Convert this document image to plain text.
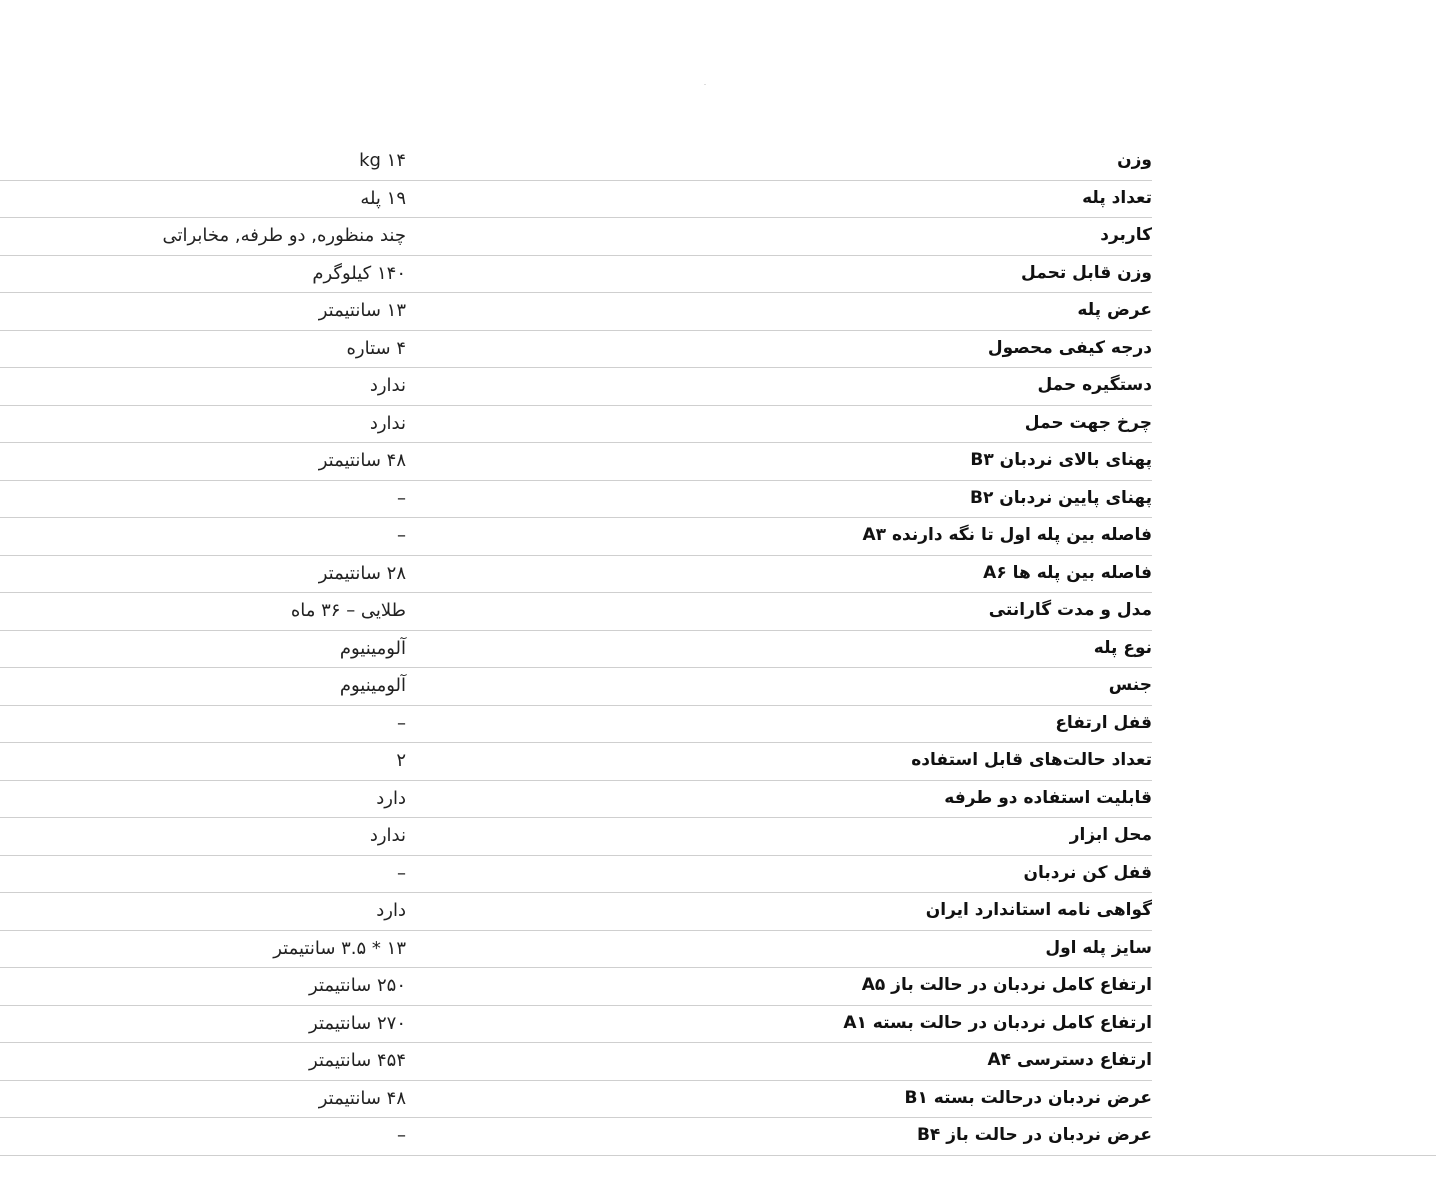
وزن
kg ۱۴
تعداد پله
۱۹ پله
کاربرد
چند منظوره, دو طرفه, مخابراتی
وزن قابل تحمل
۱۴۰ کیلوگرم
عرض پله
۱۳ سانتیمتر
درجه کیفی محصول
۴ ستاره
دستگیره حمل
ندارد
چرخ جهت حمل
ندارد
پهنای بالای نردبان B۳
۴۸ سانتیمتر
پهنای پایین نردبان B۲
–
فاصله بین پله اول تا نگه دارنده A۳
–
فاصله بین پله ها A۶
۲۸ سانتیمتر
مدل و مدت گارانتی
طلایی – ۳۶ ماه
نوع پله
آلومینیوم
جنس
آلومینیوم
قفل ارتفاع
–
تعداد حالت‌های قابل استفاده
۲
قابلیت استفاده دو طرفه
دارد
محل ابزار
ندارد
قفل کن نردبان
–
گواهی نامه استاندارد ایران
دارد
سایز پله اول
۱۳ * ۳.۵ سانتیمتر
ارتفاع کامل نردبان در حالت باز A۵
۲۵۰ سانتیمتر
ارتفاع کامل نردبان در حالت بسته A۱
۲۷۰ سانتیمتر
ارتفاع دسترسی A۴
۴۵۴ سانتیمتر
عرض نردبان درحالت بسته B۱
۴۸ سانتیمتر
عرض نردبان در حالت باز B۴
–
